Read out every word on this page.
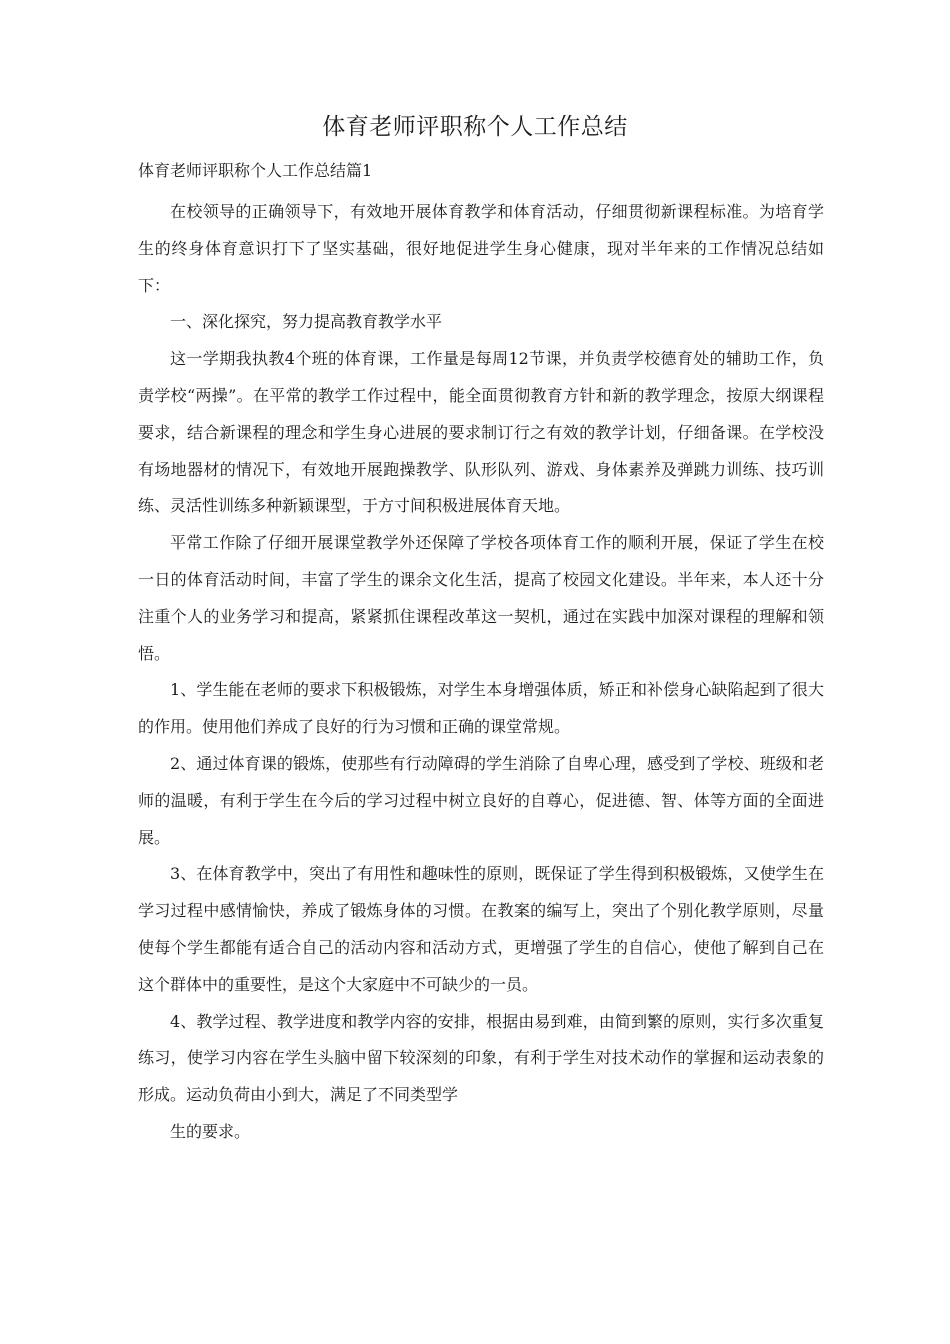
体育老师评职称个人工作总结
体育老师评职称个人工作总结篇1

在校领导的正确领导下，有效地开展体育教学和体育活动，仔细贯彻新课程标准。为培育学生的终身体育意识打下了坚实基础，很好地促进学生身心健康，现对半年来的工作情况总结如下：

一、深化探究，努力提高教育教学水平

这一学期我执教4个班的体育课，工作量是每周12节课，并负责学校德育处的辅助工作，负责学校“两操”。在平常的教学工作过程中，能全面贯彻教育方针和新的教学理念，按原大纲课程要求，结合新课程的理念和学生身心进展的要求制订行之有效的教学计划，仔细备课。在学校没有场地器材的情况下，有效地开展跑操教学、队形队列、游戏、身体素养及弹跳力训练、技巧训练、灵活性训练多种新颖课型，于方寸间积极进展体育天地。

平常工作除了仔细开展课堂教学外还保障了学校各项体育工作的顺利开展，保证了学生在校一日的体育活动时间，丰富了学生的课余文化生活，提高了校园文化建设。半年来，本人还十分注重个人的业务学习和提高，紧紧抓住课程改革这一契机，通过在实践中加深对课程的理解和领悟。

1、学生能在老师的要求下积极锻炼，对学生本身增强体质，矫正和补偿身心缺陷起到了很大的作用。使用他们养成了良好的行为习惯和正确的课堂常规。

2、通过体育课的锻炼，使那些有行动障碍的学生消除了自卑心理，感受到了学校、班级和老师的温暖，有利于学生在今后的学习过程中树立良好的自尊心，促进德、智、体等方面的全面进展。

3、在体育教学中，突出了有用性和趣味性的原则，既保证了学生得到积极锻炼，又使学生在学习过程中感情愉快，养成了锻炼身体的习惯。在教案的编写上，突出了个别化教学原则，尽量使每个学生都能有适合自己的活动内容和活动方式，更增强了学生的自信心，使他了解到自己在这个群体中的重要性，是这个大家庭中不可缺少的一员。

4、教学过程、教学进度和教学内容的安排，根据由易到难，由简到繁的原则，实行多次重复练习，使学习内容在学生头脑中留下较深刻的印象，有利于学生对技术动作的掌握和运动表象的形成。运动负荷由小到大，满足了不同类型学

生的要求。
